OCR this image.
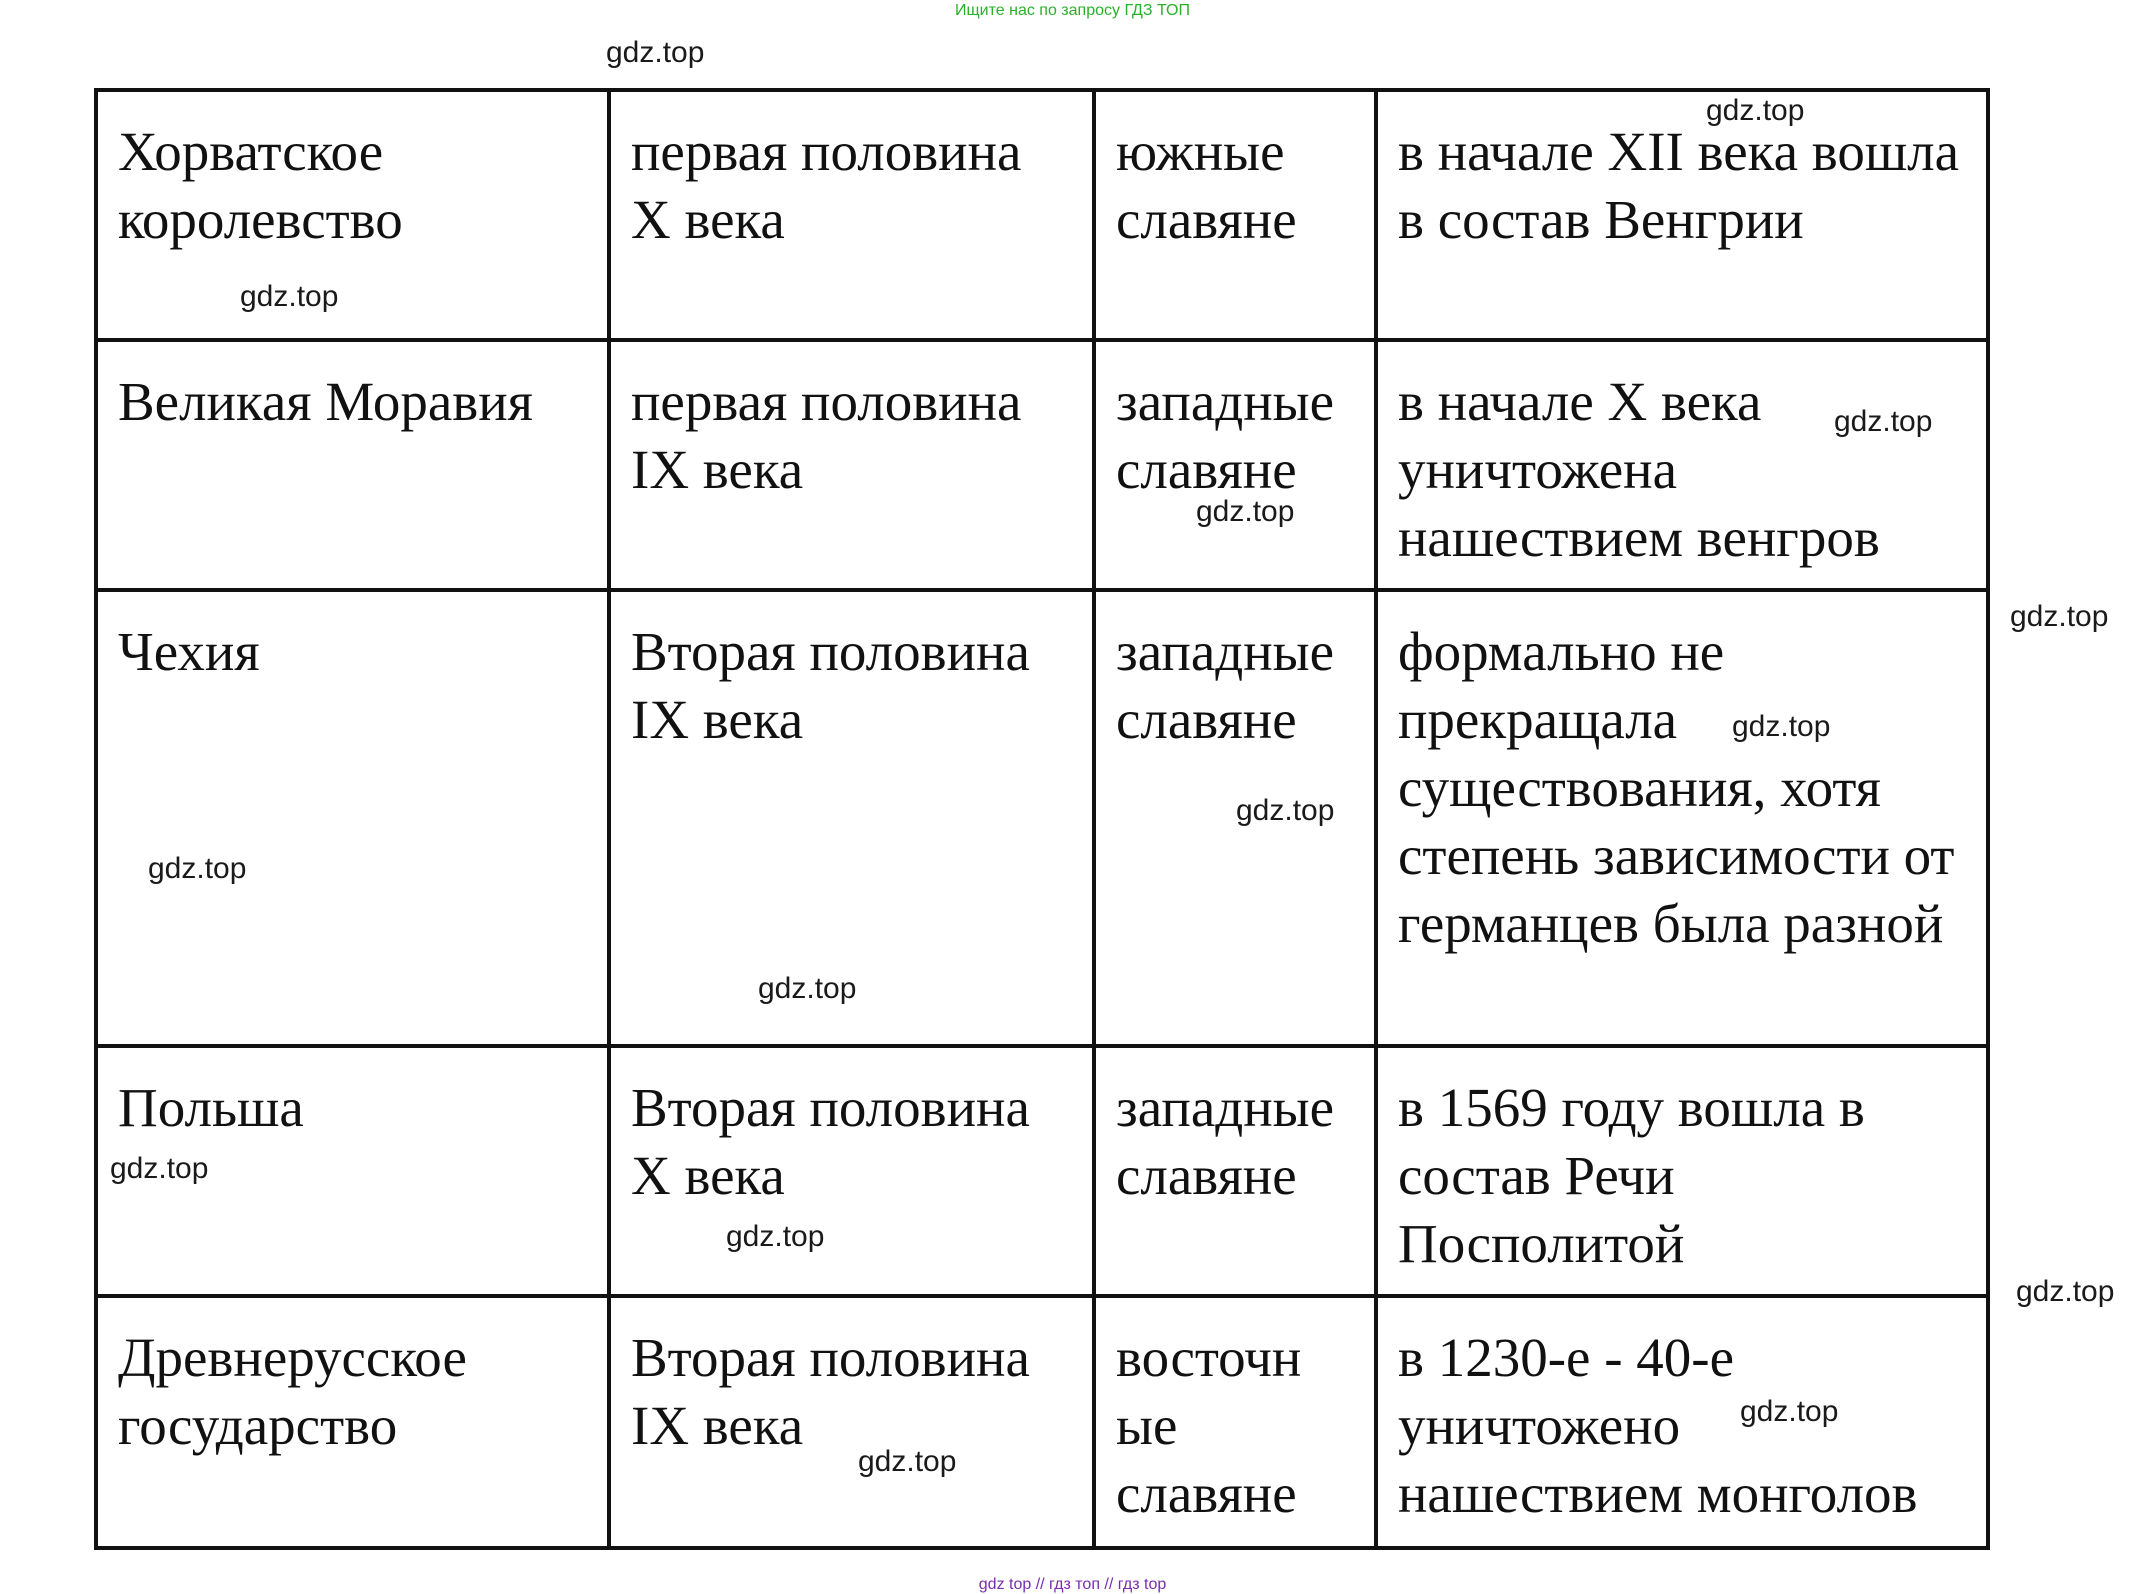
Ищите нас по запросу ГДЗ ТОП
Хорватское королевство	первая половина X века	южные славяне	в начале XII века вошла в состав Венгрии
Великая Моравия	первая половина IX века	западные славяне	в начале X века уничтожена нашествием венгров
Чехия	Вторая половина IX века	западные славяне	формально не прекращала существования, хотя степень зависимости от германцев была разной
Польша	Вторая половина X века	западные славяне	в 1569 году вошла в состав Речи Посполитой
Древнерусское государство	Вторая половина IX века	восточн ые славяне	в 1230-е - 40-е уничтожено нашествием монголов
gdz.top
gdz.top
gdz.top
gdz.top
gdz.top
gdz.top
gdz.top
gdz.top
gdz.top
gdz.top
gdz.top
gdz.top
gdz.top
gdz.top
gdz.top
gdz top // гдз топ // гдз top
